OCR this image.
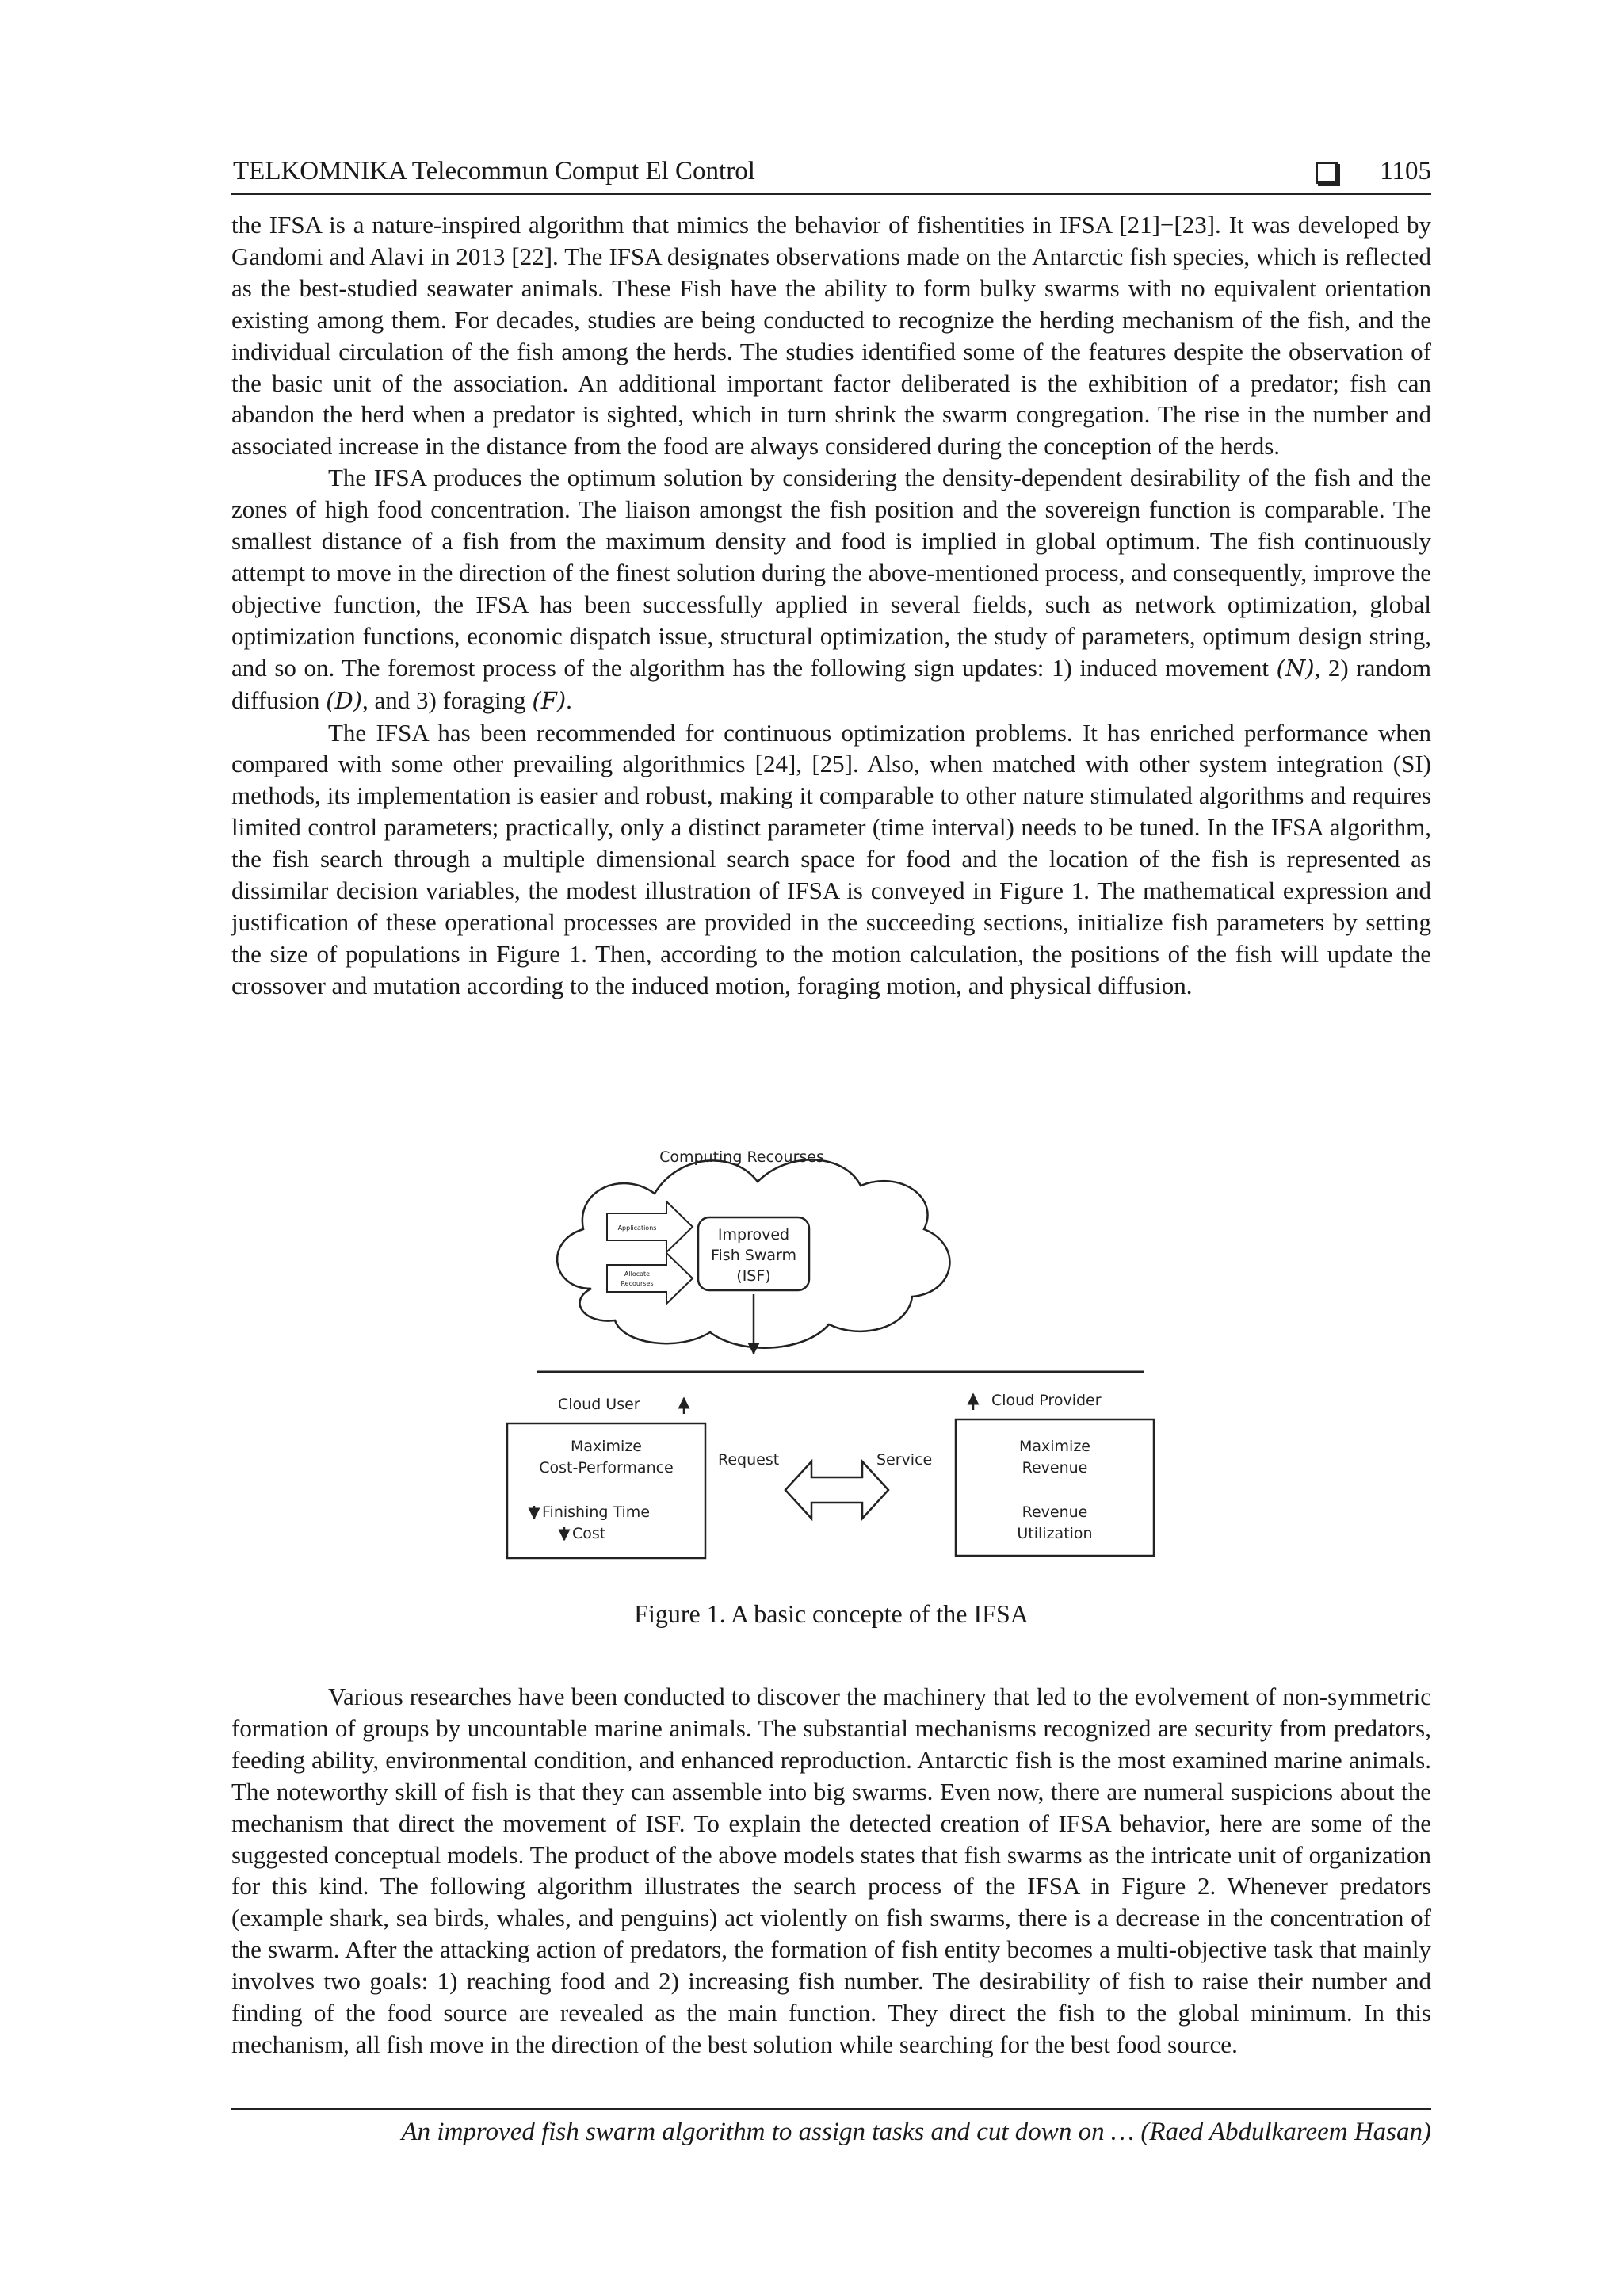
TELKOMNIKA Telecommun Comput El Control	1105

the IFSA is a nature-inspired algorithm that mimics the behavior of fishentities in IFSA [21]−[23]. It was developed by Gandomi and Alavi in 2013 [22]. The IFSA designates observations made on the Antarctic fish species, which is reflected as the best-studied seawater animals. These Fish have the ability to form bulky swarms with no equivalent orientation existing among them. For decades, studies are being conducted to recognize the herding mechanism of the fish, and the individual circulation of the fish among the herds. The studies identified some of the features despite the observation of the basic unit of the association. An additional important factor deliberated is the exhibition of a predator; fish can abandon the herd when a predator is sighted, which in turn shrink the swarm congregation. The rise in the number and associated increase in the distance from the food are always considered during the conception of the herds.

The IFSA produces the optimum solution by considering the density-dependent desirability of the fish and the zones of high food concentration. The liaison amongst the fish position and the sovereign function is comparable. The smallest distance of a fish from the maximum density and food is implied in global optimum. The fish continuously attempt to move in the direction of the finest solution during the above-mentioned process, and consequently, improve the objective function, the IFSA has been successfully applied in several fields, such as network optimization, global optimization functions, economic dispatch issue, structural optimization, the study of parameters, optimum design string, and so on. The foremost process of the algorithm has the following sign updates: 1) induced movement (N), 2) random diffusion (D), and 3) foraging (F).

The IFSA has been recommended for continuous optimization problems. It has enriched performance when compared with some other prevailing algorithmics [24], [25]. Also, when matched with other system integration (SI) methods, its implementation is easier and robust, making it comparable to other nature stimulated algorithms and requires limited control parameters; practically, only a distinct parameter (time interval) needs to be tuned. In the IFSA algorithm, the fish search through a multiple dimensional search space for food and the location of the fish is represented as dissimilar decision variables, the modest illustration of IFSA is conveyed in Figure 1. The mathematical expression and justification of these operational processes are provided in the succeeding sections, initialize fish parameters by setting the size of populations in Figure 1. Then, according to the motion calculation, the positions of the fish will update the crossover and mutation according to the induced motion, foraging motion, and physical diffusion.

Computing Recourses
Applications
Allocate
Recourses
Improved
Fish Swarm
(ISF)
Cloud User
Maximize
Cost-Performance
Finishing Time
Cost
Request	Service
Cloud Provider
Maximize
Revenue
Revenue
Utilization
Figure 1. A basic concepte of the IFSA

Various researches have been conducted to discover the machinery that led to the evolvement of non-symmetric formation of groups by uncountable marine animals. The substantial mechanisms recognized are security from predators, feeding ability, environmental condition, and enhanced reproduction. Antarctic fish is the most examined marine animals. The noteworthy skill of fish is that they can assemble into big swarms. Even now, there are numeral suspicions about the mechanism that direct the movement of ISF. To explain the detected creation of IFSA behavior, here are some of the suggested conceptual models. The product of the above models states that fish swarms as the intricate unit of organization for this kind. The following algorithm illustrates the search process of the IFSA in Figure 2. Whenever predators (example shark, sea birds, whales, and penguins) act violently on fish swarms, there is a decrease in the concentration of the swarm. After the attacking action of predators, the formation of fish entity becomes a multi-objective task that mainly involves two goals: 1) reaching food and 2) increasing fish number. The desirability of fish to raise their number and finding of the food source are revealed as the main function. They direct the fish to the global minimum. In this mechanism, all fish move in the direction of the best solution while searching for the best food source.

An improved fish swarm algorithm to assign tasks and cut down on … (Raed Abdulkareem Hasan)
